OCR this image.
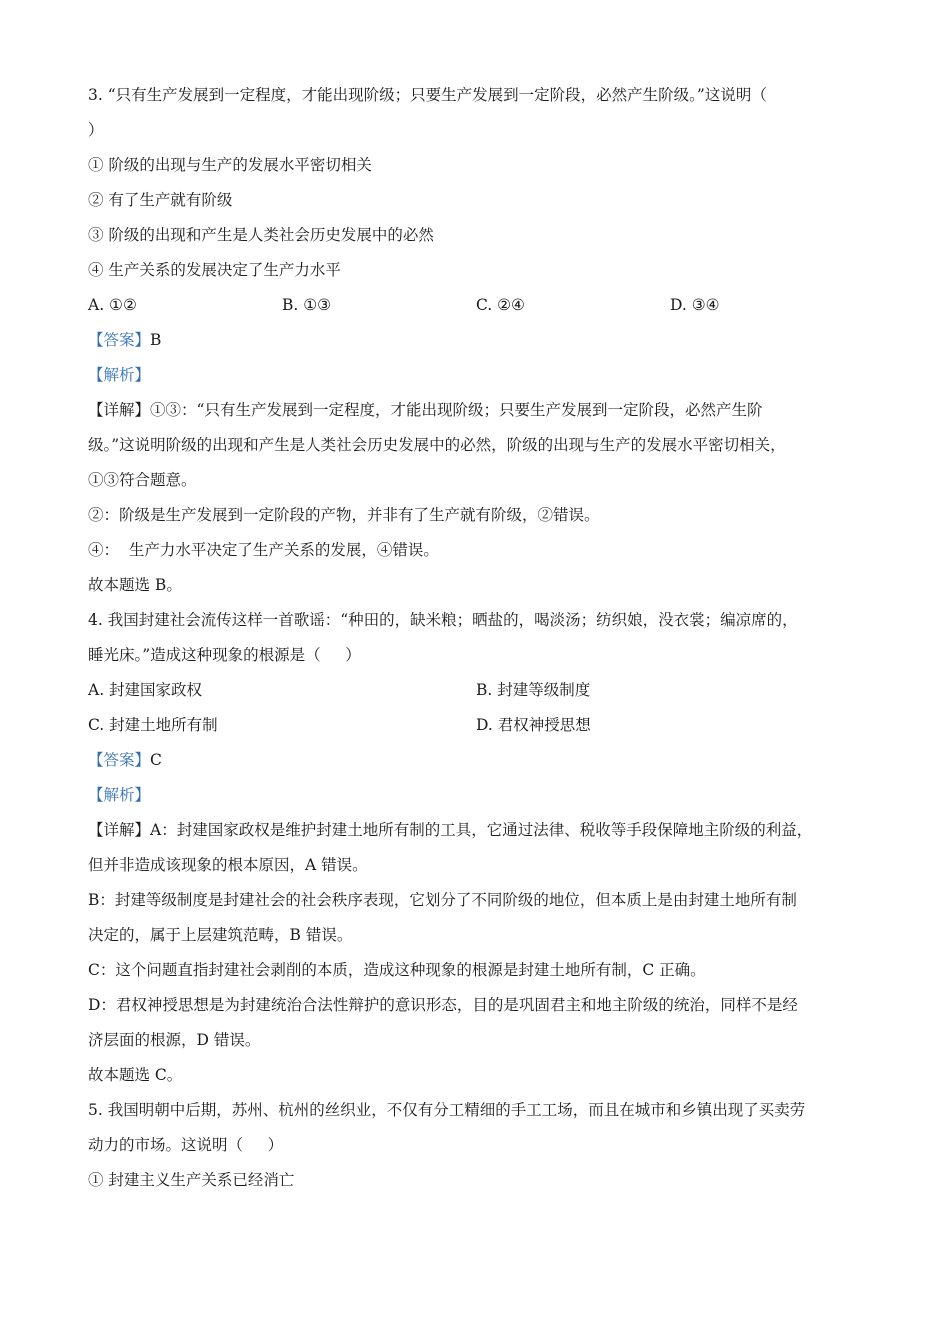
3. “只有生产发展到一定程度，才能出现阶级；只要生产发展到一定阶段，必然产生阶级。”这说明（
）
① 阶级的出现与生产的发展水平密切相关
② 有了生产就有阶级
③ 阶级的出现和产生是人类社会历史发展中的必然
④ 生产关系的发展决定了生产力水平
A. ①②	B. ①③	C. ②④	D. ③④
【答案】B
【解析】
【详解】①③：“只有生产发展到一定程度，才能出现阶级；只要生产发展到一定阶段，必然产生阶
级。”这说明阶级的出现和产生是人类社会历史发展中的必然，阶级的出现与生产的发展水平密切相关，
①③符合题意。
②：阶级是生产发展到一定阶段的产物，并非有了生产就有阶级，②错误。
④：  生产力水平决定了生产关系的发展，④错误。
故本题选 B。
4. 我国封建社会流传这样一首歌谣：“种田的，缺米粮；晒盐的，喝淡汤；纺织娘，没衣裳；编凉席的，
睡光床。”造成这种现象的根源是（     ）
A. 封建国家政权	B. 封建等级制度
C. 封建土地所有制	D. 君权神授思想
【答案】C
【解析】
【详解】A：封建国家政权是维护封建土地所有制的工具，它通过法律、税收等手段保障地主阶级的利益，
但并非造成该现象的根本原因，A 错误。
B：封建等级制度是封建社会的社会秩序表现，它划分了不同阶级的地位，但本质上是由封建土地所有制
决定的，属于上层建筑范畴，B 错误。
C：这个问题直指封建社会剥削的本质，造成这种现象的根源是封建土地所有制，C 正确。
D：君权神授思想是为封建统治合法性辩护的意识形态，目的是巩固君主和地主阶级的统治，同样不是经
济层面的根源，D 错误。
故本题选 C。
5. 我国明朝中后期，苏州、杭州的丝织业，不仅有分工精细的手工工场，而且在城市和乡镇出现了买卖劳
动力的市场。这说明（     ）
① 封建主义生产关系已经消亡
